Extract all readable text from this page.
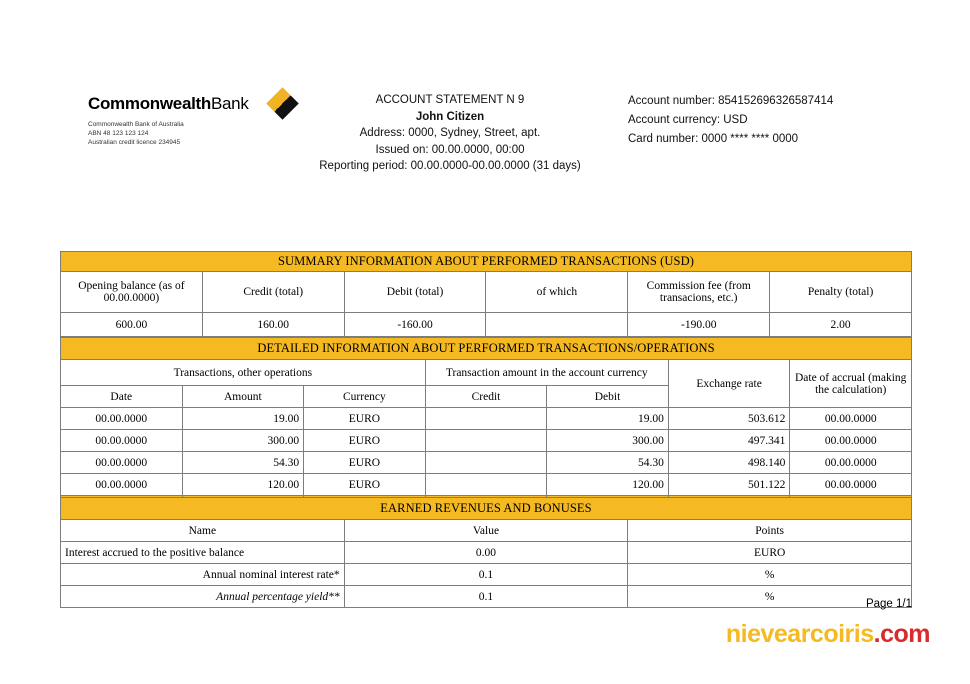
CommonwealthBank
Commonwealth Bank of Australia
ABN 48 123 123 124
Australian credit licence 234945
ACCOUNT STATEMENT N 9
John Citizen
Address: 0000, Sydney, Street, apt.
Issued on: 00.00.0000, 00:00
Reporting period: 00.00.0000-00.00.0000 (31 days)
Account number: 854152696326587414
Account currency: USD
Card number: 0000 **** **** 0000
SUMMARY INFORMATION ABOUT PERFORMED TRANSACTIONS (USD)					
Opening balance (as of 00.00.0000)	Credit (total)	Debit (total)	of which	Commission fee (from transacions, etc.)	Penalty (total)
600.00	160.00	-160.00		-190.00	2.00
DETAILED INFORMATION ABOUT PERFORMED TRANSACTIONS/OPERATIONS						
Transactions, other operations			Transaction amount in the account currency		Exchange rate	Date of accrual (making the calculation)
Date	Amount	Currency	Credit	Debit		
00.00.0000	19.00	EURO		19.00	503.612	00.00.0000
00.00.0000	300.00	EURO		300.00	497.341	00.00.0000
00.00.0000	54.30	EURO		54.30	498.140	00.00.0000
00.00.0000	120.00	EURO		120.00	501.122	00.00.0000

EARNED REVENUES AND BONUSES		
Name	Value	Points
Interest accrued to the positive balance	0.00	EURO
Annual nominal interest rate*	0.1	%
Annual percentage yield**	0.1	%
Page 1/1
nievearcoiris.com
